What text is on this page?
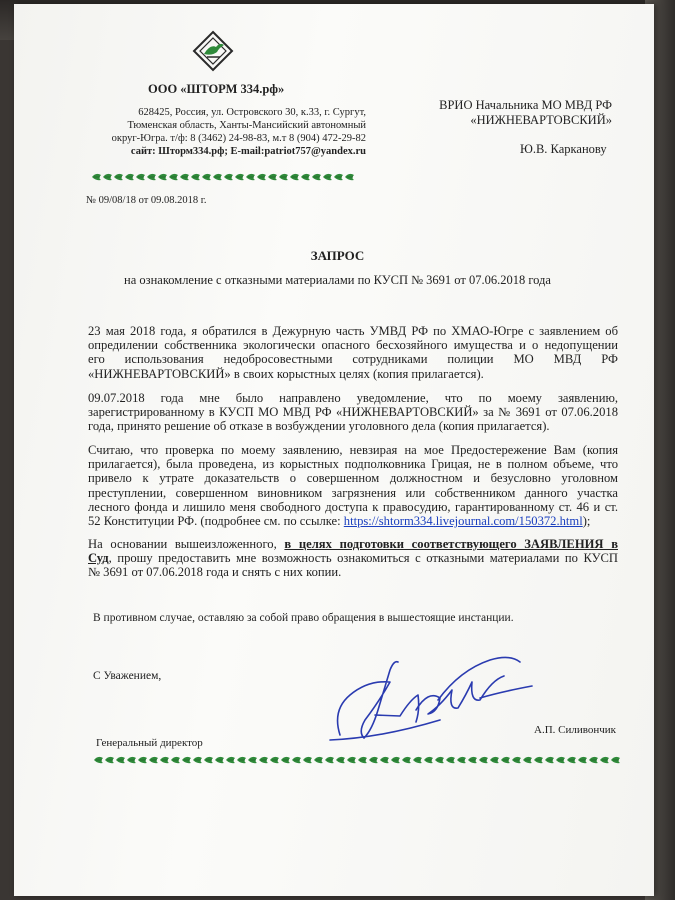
ООО «ШТОРМ 334.рф»
628425, Россия, ул. Островского 30, к.33, г. Сургут,
Тюменская область, Ханты-Мансийский автономный
округ-Югра. т/ф: 8 (3462) 24-98-83, м.т 8 (904) 472-29-82
сайт: Шторм334.рф; E-mail:patriot757@yandex.ru
ВРИО Начальника МО МВД РФ
«НИЖНЕВАРТОВСКИЙ»
Ю.В. Карканову
№ 09/08/18 от 09.08.2018 г.
ЗАПРОС
на ознакомление с отказными материалами по КУСП № 3691 от 07.06.2018 года
23 мая 2018 года, я обратился в Дежурную часть УМВД РФ по ХМАО-Югре с заявлением об
опредилении собственника экологически опасного бесхозяйного имущества и о недопущении
его использования недобросовестными сотрудниками полиции МО МВД РФ
«НИЖНЕВАРТОВСКИЙ» в своих корыстных целях (копия прилагается).
09.07.2018 года мне было направлено уведомление, что по моему заявлению,
зарегистрированному в КУСП МО МВД РФ «НИЖНЕВАРТОВСКИЙ» за № 3691 от 07.06.2018
года, принято решение об отказе в возбуждении уголовного дела (копия прилагается).
Считаю, что проверка по моему заявлению, невзирая на мое Предостережение Вам (копия
прилагается), была проведена, из корыстных подполковника Грицая, не в полном объеме, что
привело к утрате доказательств о совершенном должностном и безусловно уголовном
преступлении, совершенном виновником загрязнения или собственником данного участка
лесного фонда и лишило меня свободного доступа к правосудию, гарантированному ст. 46 и ст.
52 Конституции РФ. (подробнее см. по ссылке: https://shtorm334.livejournal.com/150372.html);
На основании вышеизложенного, в целях подготовки соответствующего ЗАЯВЛЕНИЯ в
Суд, прошу предоставить мне возможность ознакомиться с отказными материалами по КУСП
№ 3691 от 07.06.2018 года и снять с них копии.
В противном случае, оставляю за собой право обращения в вышестоящие инстанции.
С Уважением,
А.П. Силивончик
Генеральный директор
